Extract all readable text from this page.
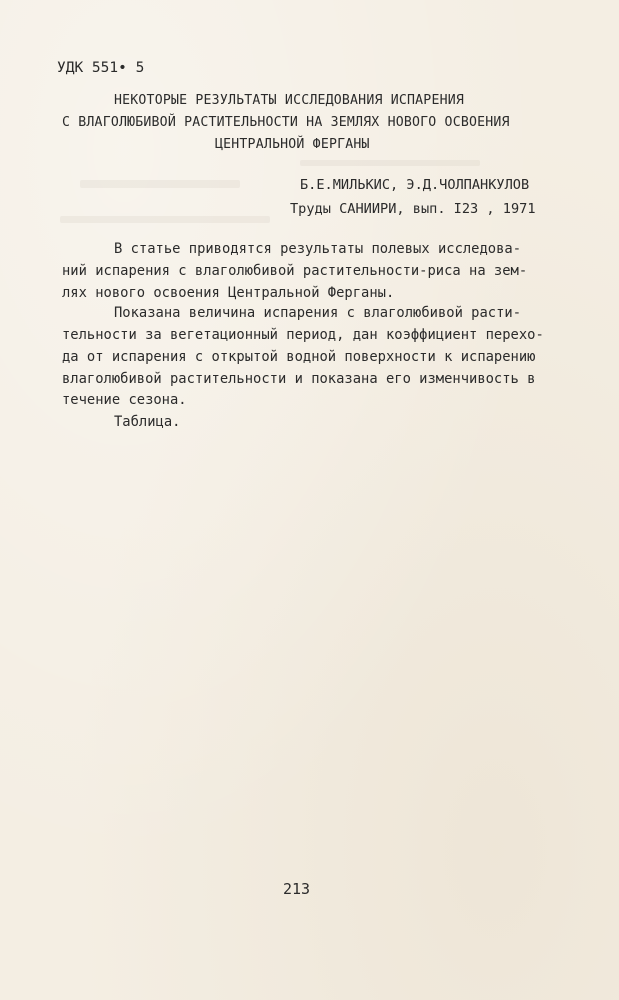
УДК 551• 5
НЕКОТОРЫЕ РЕЗУЛЬТАТЫ ИССЛЕДОВАНИЯ ИСПАРЕНИЯ
С ВЛАГОЛЮБИВОЙ РАСТИТЕЛЬНОСТИ НА ЗЕМЛЯХ НОВОГО ОСВОЕНИЯ
ЦЕНТРАЛЬНОЙ ФЕРГАНЫ
Б.Е.МИЛЬКИС, Э.Д.ЧОЛПАНКУЛОВ
Труды САНИИРИ, вып. I23 , 1971
В статье приводятся результаты полевых исследова-
ний испарения с влаголюбивой растительности-риса на зем-
лях нового освоения Центральной Ферганы.
Показана величина испарения с влаголюбивой расти-
тельности за вегетационный период, дан коэффициент перехо-
да от испарения с открытой водной поверхности к испарению
влаголюбивой растительности и показана его изменчивость в
течение сезона.
Таблица.
213
